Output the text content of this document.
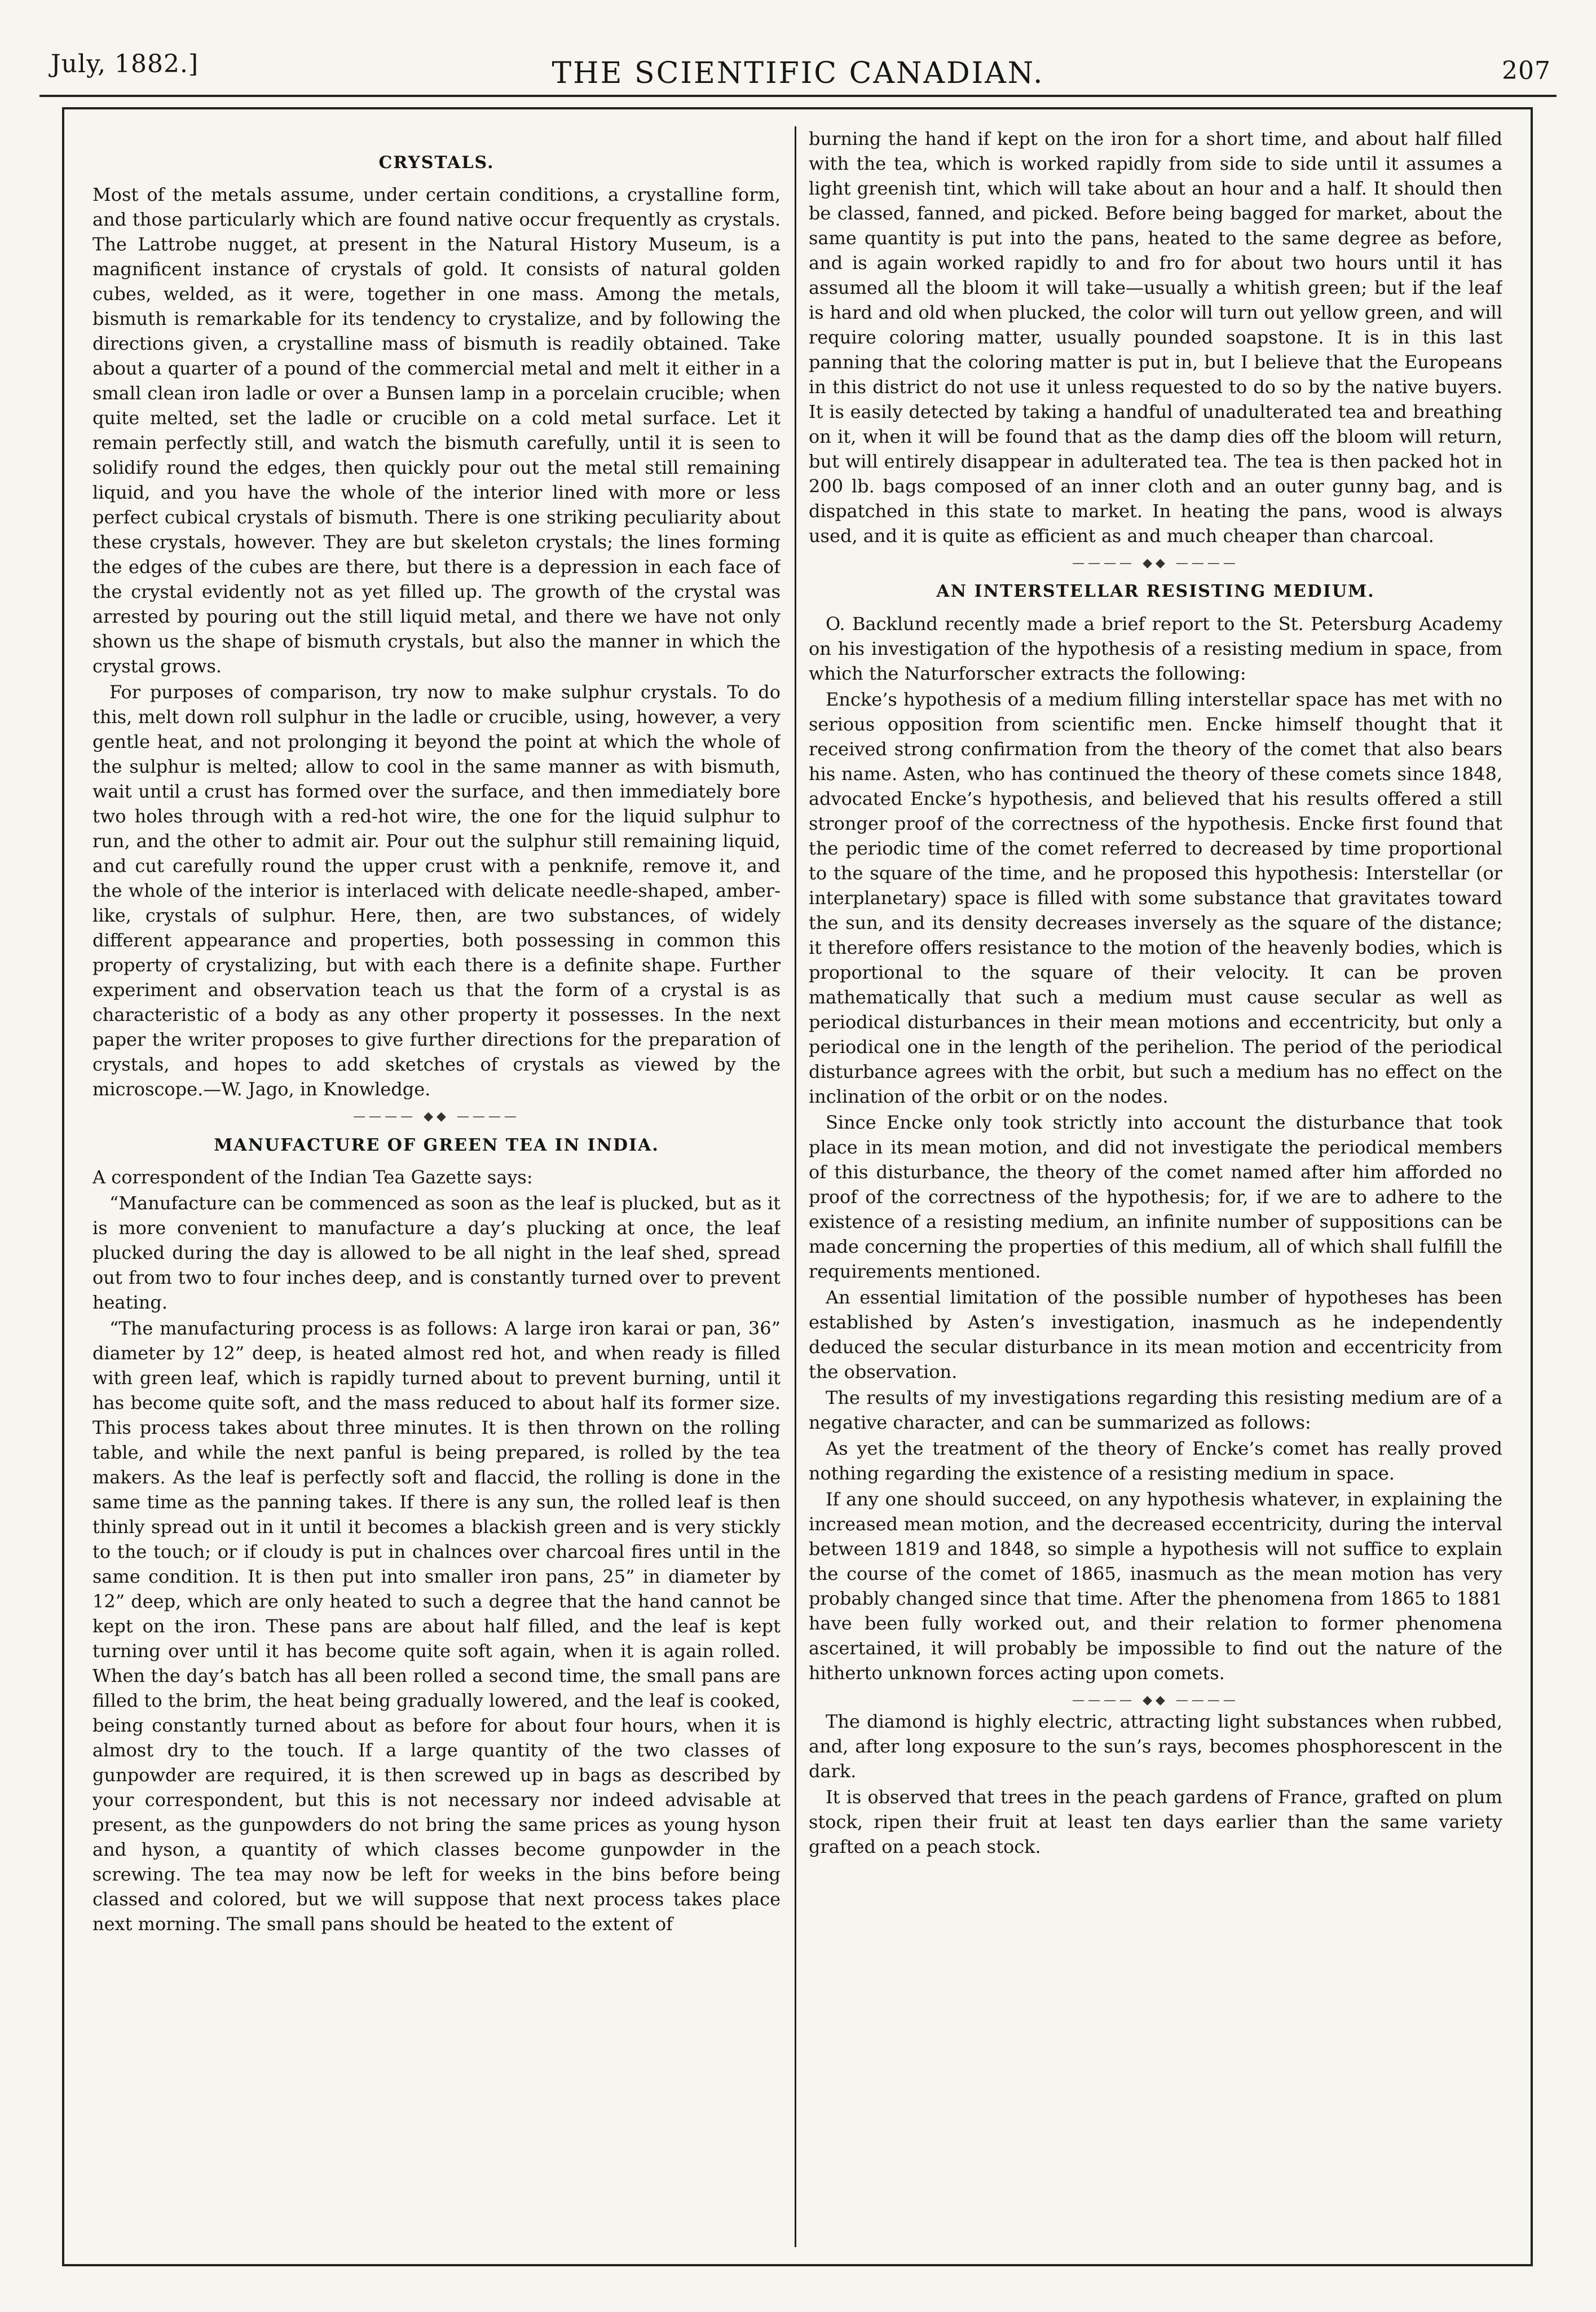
July, 1882.]	THE SCIENTIFIC CANADIAN.	207
CRYSTALS.

Most of the metals assume, under certain conditions, a crystalline form, and those particularly which are found native occur frequently as crystals. The Lattrobe nugget, at present in the Natural History Museum, is a magnificent instance of crystals of gold. It consists of natural golden cubes, welded, as it were, together in one mass. Among the metals, bismuth is remarkable for its tendency to crystalize, and by following the directions given, a crystalline mass of bismuth is readily obtained. Take about a quarter of a pound of the commercial metal and melt it either in a small clean iron ladle or over a Bunsen lamp in a porcelain crucible; when quite melted, set the ladle or crucible on a cold metal surface. Let it remain perfectly still, and watch the bismuth carefully, until it is seen to solidify round the edges, then quickly pour out the metal still remaining liquid, and you have the whole of the interior lined with more or less perfect cubical crystals of bismuth. There is one striking peculiarity about these crystals, however. They are but skeleton crystals; the lines forming the edges of the cubes are there, but there is a depression in each face of the crystal evidently not as yet filled up. The growth of the crystal was arrested by pouring out the still liquid metal, and there we have not only shown us the shape of bismuth crystals, but also the manner in which the crystal grows.

For purposes of comparison, try now to make sulphur crystals. To do this, melt down roll sulphur in the ladle or crucible, using, however, a very gentle heat, and not prolonging it beyond the point at which the whole of the sulphur is melted; allow to cool in the same manner as with bismuth, wait until a crust has formed over the surface, and then immediately bore two holes through with a red-hot wire, the one for the liquid sulphur to run, and the other to admit air. Pour out the sulphur still remaining liquid, and cut carefully round the upper crust with a penknife, remove it, and the whole of the interior is interlaced with delicate needle-shaped, amber-like, crystals of sulphur. Here, then, are two substances, of widely different appearance and properties, both possessing in common this property of crystalizing, but with each there is a definite shape. Further experiment and observation teach us that the form of a crystal is as characteristic of a body as any other property it possesses. In the next paper the writer proposes to give further directions for the preparation of crystals, and hopes to add sketches of crystals as viewed by the microscope.—W. Jago, in Knowledge.

———— ◆◆ ————
MANUFACTURE OF GREEN TEA IN INDIA.

A correspondent of the Indian Tea Gazette says:

“Manufacture can be commenced as soon as the leaf is plucked, but as it is more convenient to manufacture a day’s plucking at once, the leaf plucked during the day is allowed to be all night in the leaf shed, spread out from two to four inches deep, and is constantly turned over to prevent heating.

“The manufacturing process is as follows: A large iron karai or pan, 36” diameter by 12” deep, is heated almost red hot, and when ready is filled with green leaf, which is rapidly turned about to prevent burning, until it has become quite soft, and the mass reduced to about half its former size. This process takes about three minutes. It is then thrown on the rolling table, and while the next panful is being prepared, is rolled by the tea makers. As the leaf is perfectly soft and flaccid, the rolling is done in the same time as the panning takes. If there is any sun, the rolled leaf is then thinly spread out in it until it becomes a blackish green and is very stickly to the touch; or if cloudy is put in chalnces over charcoal fires until in the same condition. It is then put into smaller iron pans, 25” in diameter by 12” deep, which are only heated to such a degree that the hand cannot be kept on the iron. These pans are about half filled, and the leaf is kept turning over until it has become quite soft again, when it is again rolled. When the day’s batch has all been rolled a second time, the small pans are filled to the brim, the heat being gradually lowered, and the leaf is cooked, being constantly turned about as before for about four hours, when it is almost dry to the touch. If a large quantity of the two classes of gunpowder are required, it is then screwed up in bags as described by your correspondent, but this is not necessary nor indeed advisable at present, as the gunpowders do not bring the same prices as young hyson and hyson, a quantity of which classes become gunpowder in the screwing. The tea may now be left for weeks in the bins before being classed and colored, but we will suppose that next process takes place next morning. The small pans should be heated to the extent of

burning the hand if kept on the iron for a short time, and about half filled with the tea, which is worked rapidly from side to side until it assumes a light greenish tint, which will take about an hour and a half. It should then be classed, fanned, and picked. Before being bagged for market, about the same quantity is put into the pans, heated to the same degree as before, and is again worked rapidly to and fro for about two hours until it has assumed all the bloom it will take—usually a whitish green; but if the leaf is hard and old when plucked, the color will turn out yellow green, and will require coloring matter, usually pounded soapstone. It is in this last panning that the coloring matter is put in, but I believe that the Europeans in this district do not use it unless requested to do so by the native buyers. It is easily detected by taking a handful of unadulterated tea and breathing on it, when it will be found that as the damp dies off the bloom will return, but will entirely disappear in adulterated tea. The tea is then packed hot in 200 lb. bags composed of an inner cloth and an outer gunny bag, and is dispatched in this state to market. In heating the pans, wood is always used, and it is quite as efficient as and much cheaper than charcoal.

———— ◆◆ ————
AN INTERSTELLAR RESISTING MEDIUM.

O. Backlund recently made a brief report to the St. Petersburg Academy on his investigation of the hypothesis of a resisting medium in space, from which the Naturforscher extracts the following:

Encke’s hypothesis of a medium filling interstellar space has met with no serious opposition from scientific men. Encke himself thought that it received strong confirmation from the theory of the comet that also bears his name. Asten, who has continued the theory of these comets since 1848, advocated Encke’s hypothesis, and believed that his results offered a still stronger proof of the correctness of the hypothesis. Encke first found that the periodic time of the comet referred to decreased by time proportional to the square of the time, and he proposed this hypothesis: Interstellar (or interplanetary) space is filled with some substance that gravitates toward the sun, and its density decreases inversely as the square of the distance; it therefore offers resistance to the motion of the heavenly bodies, which is proportional to the square of their velocity. It can be proven mathematically that such a medium must cause secular as well as periodical disturbances in their mean motions and eccentricity, but only a periodical one in the length of the perihelion. The period of the periodical disturbance agrees with the orbit, but such a medium has no effect on the inclination of the orbit or on the nodes.

Since Encke only took strictly into account the disturbance that took place in its mean motion, and did not investigate the periodical members of this disturbance, the theory of the comet named after him afforded no proof of the correctness of the hypothesis; for, if we are to adhere to the existence of a resisting medium, an infinite number of suppositions can be made concerning the properties of this medium, all of which shall fulfill the requirements mentioned.

An essential limitation of the possible number of hypotheses has been established by Asten’s investigation, inasmuch as he independently deduced the secular disturbance in its mean motion and eccentricity from the observation.

The results of my investigations regarding this resisting medium are of a negative character, and can be summarized as follows:

As yet the treatment of the theory of Encke’s comet has really proved nothing regarding the existence of a resisting medium in space.

If any one should succeed, on any hypothesis whatever, in explaining the increased mean motion, and the decreased eccentricity, during the interval between 1819 and 1848, so simple a hypothesis will not suffice to explain the course of the comet of 1865, inasmuch as the mean motion has very probably changed since that time. After the phenomena from 1865 to 1881 have been fully worked out, and their relation to former phenomena ascertained, it will probably be impossible to find out the nature of the hitherto unknown forces acting upon comets.

———— ◆◆ ————

The diamond is highly electric, attracting light substances when rubbed, and, after long exposure to the sun’s rays, becomes phosphorescent in the dark.

It is observed that trees in the peach gardens of France, grafted on plum stock, ripen their fruit at least ten days earlier than the same variety grafted on a peach stock.
